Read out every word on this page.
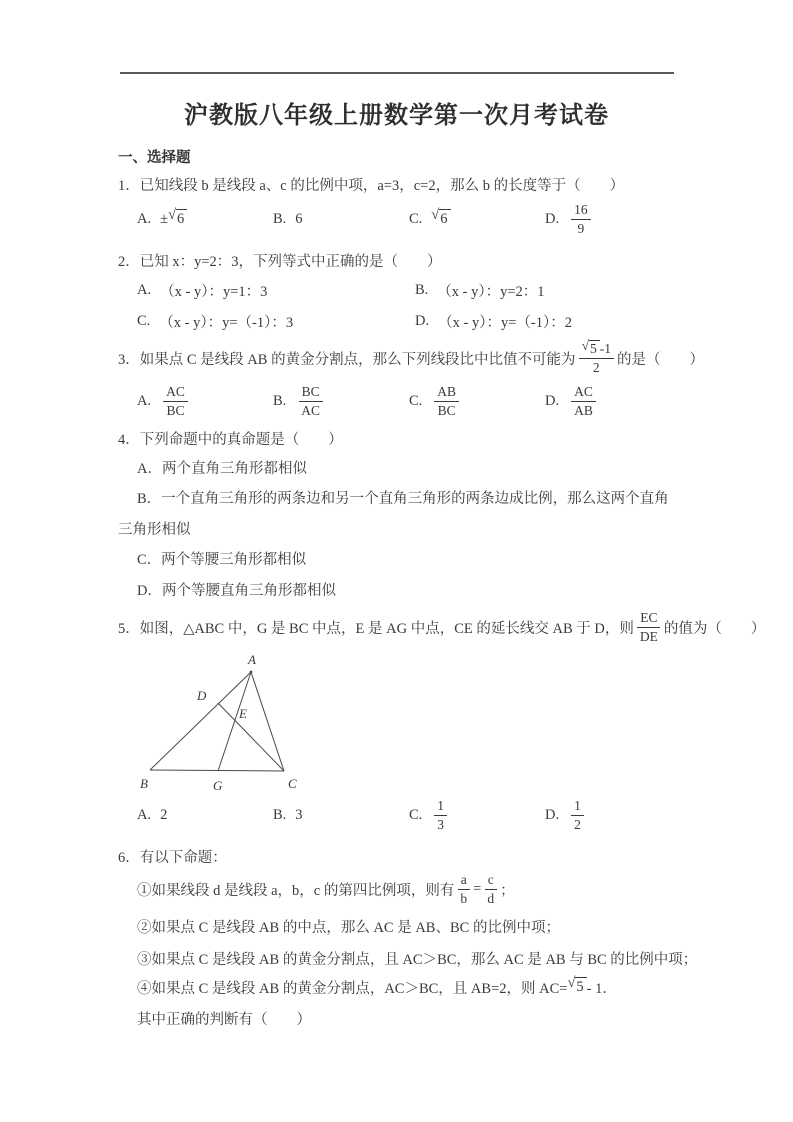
沪教版八年级上册数学第一次月考试卷
一、选择题
1．已知线段 b 是线段 a、c 的比例中项，a=3，c=2，那么 b 的长度等于（　　）
A. ± √ 6	B. 6	C. √ 6	D. $\frac{16}{9}$
2．已知 x：y=2：3，下列等式中正确的是（　　）
A. （x - y）：y=1：3	B. （x - y）：y=2：1
C. （x - y）：y=（-1）：3	D. （x - y）：y=（-1）：2
3．如果点 C 是线段 AB 的黄金分割点，那么下列线段比中比值不可能为 $\frac{√ 5 -1}{2}$ 的是（　　）
A. $\frac{AC}{BC}$	B. $\frac{BC}{AC}$	C. $\frac{AB}{BC}$	D. $\frac{AC}{AB}$
4．下列命题中的真命题是（　　）
A．两个直角三角形都相似
B．一个直角三角形的两条边和另一个直角三角形的两条边成比例，那么这两个直角三角形相似
C．两个等腰三角形都相似
D．两个等腰直角三角形都相似
5．如图，△ABC 中，G 是 BC 中点，E 是 AG 中点，CE 的延长线交 AB 于 D，则 $\frac{EC}{DE}$ 的值为（　　）
A
B	C
G
D
E
A. 2	B. 3	C. $\frac{1}{3}$	D. $\frac{1}{2}$
6．有以下命题：
①如果线段 d 是线段 a，b，c 的第四比例项，则有 $\frac{a}{b} = \frac{c}{d}$ ；
②如果点 C 是线段 AB 的中点，那么 AC 是 AB、BC 的比例中项；
③如果点 C 是线段 AB 的黄金分割点，且 AC＞BC，那么 AC 是 AB 与 BC 的比例中项；
④如果点 C 是线段 AB 的黄金分割点，AC＞BC，且 AB=2，则 AC= √ 5 - 1．
其中正确的判断有（　　）
